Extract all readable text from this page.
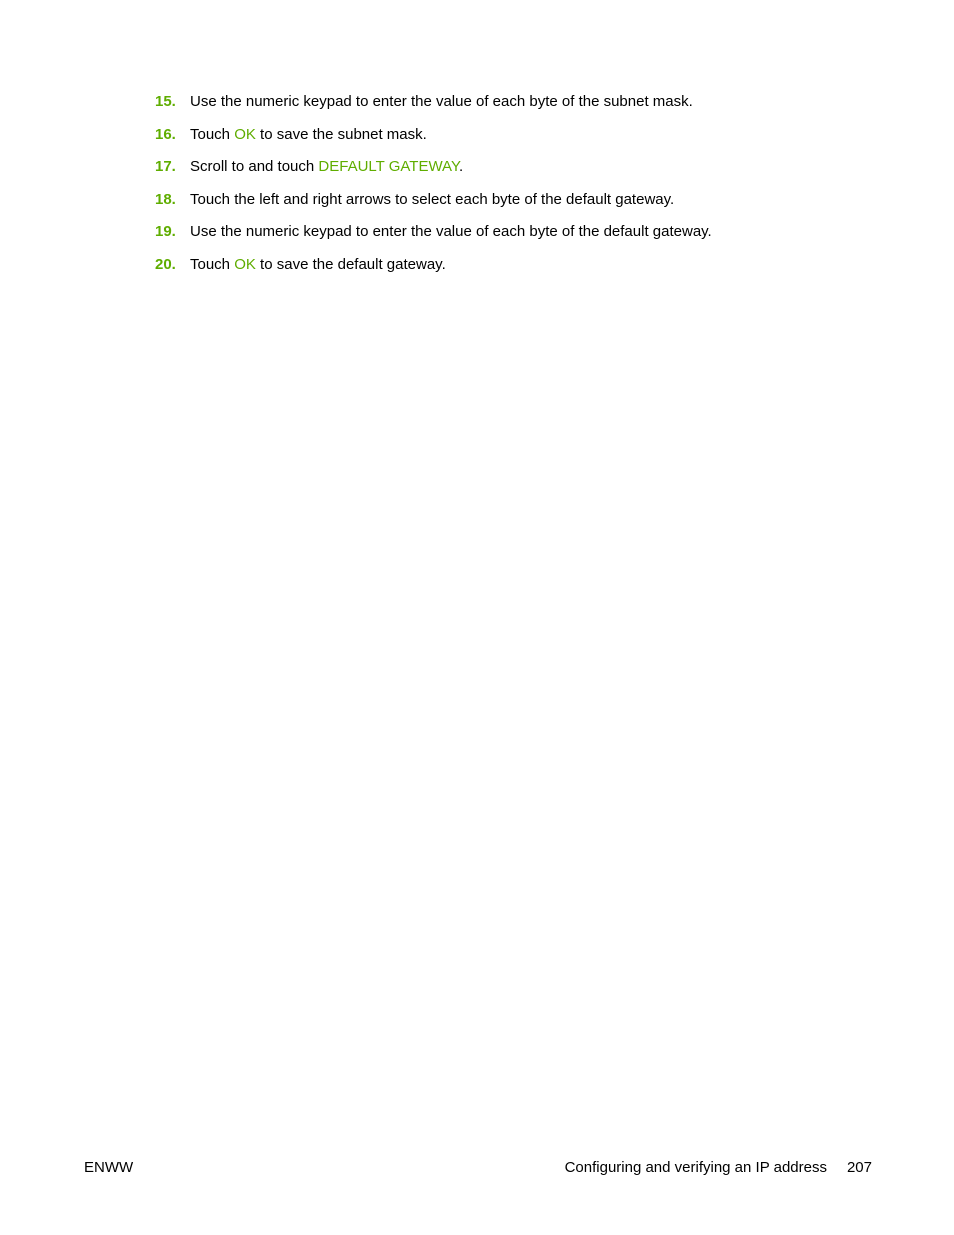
15. Use the numeric keypad to enter the value of each byte of the subnet mask.
16. Touch OK to save the subnet mask.
17. Scroll to and touch DEFAULT GATEWAY.
18. Touch the left and right arrows to select each byte of the default gateway.
19. Use the numeric keypad to enter the value of each byte of the default gateway.
20. Touch OK to save the default gateway.
ENWW	Configuring and verifying an IP address 207
